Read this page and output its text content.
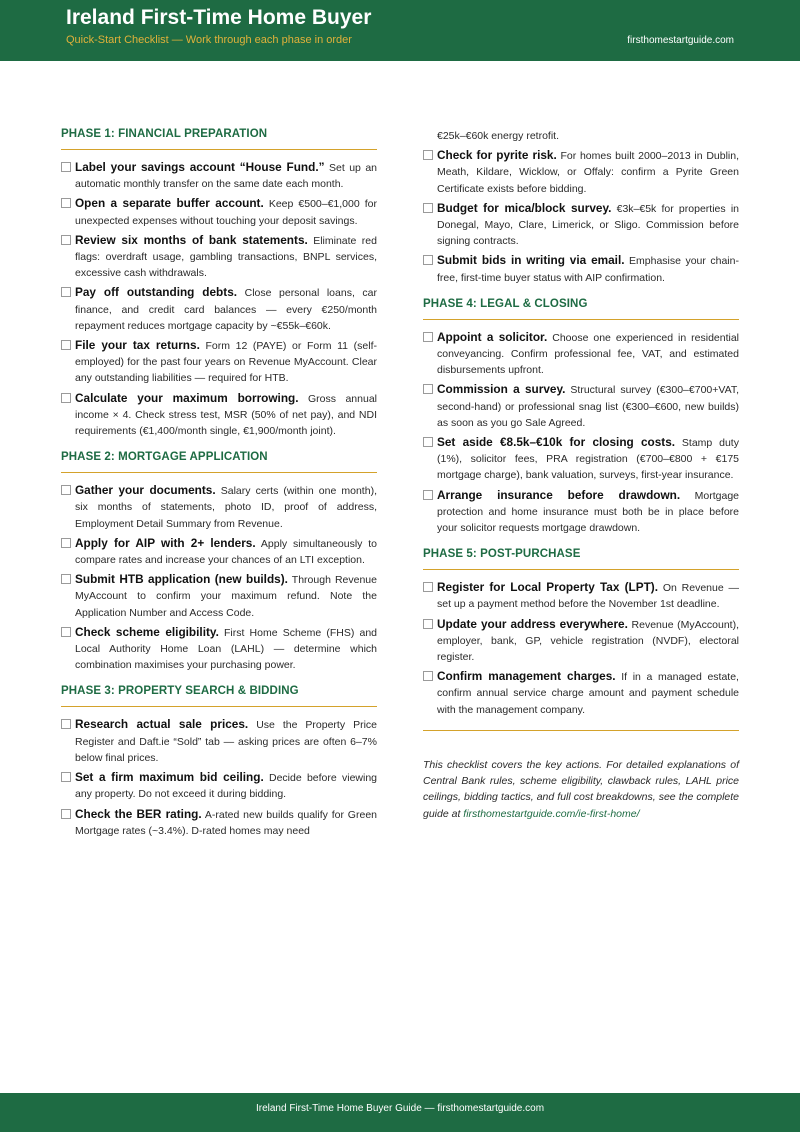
Ireland First-Time Home Buyer
Quick-Start Checklist — Work through each phase in order	firsthomestartguide.com
PHASE 1: FINANCIAL PREPARATION
Label your savings account “House Fund.” Set up an automatic monthly transfer on the same date each month.
Open a separate buffer account. Keep €500–€1,000 for unexpected expenses without touching your deposit savings.
Review six months of bank statements. Eliminate red flags: overdraft usage, gambling transactions, BNPL services, excessive cash withdrawals.
Pay off outstanding debts. Close personal loans, car finance, and credit card balances — every €250/month repayment reduces mortgage capacity by ~€55k–€60k.
File your tax returns. Form 12 (PAYE) or Form 11 (self-employed) for the past four years on Revenue MyAccount. Clear any outstanding liabilities — required for HTB.
Calculate your maximum borrowing. Gross annual income × 4. Check stress test, MSR (50% of net pay), and NDI requirements (€1,400/month single, €1,900/month joint).
PHASE 2: MORTGAGE APPLICATION
Gather your documents. Salary certs (within one month), six months of statements, photo ID, proof of address, Employment Detail Summary from Revenue.
Apply for AIP with 2+ lenders. Apply simultaneously to compare rates and increase your chances of an LTI exception.
Submit HTB application (new builds). Through Revenue MyAccount to confirm your maximum refund. Note the Application Number and Access Code.
Check scheme eligibility. First Home Scheme (FHS) and Local Authority Home Loan (LAHL) — determine which combination maximises your purchasing power.
PHASE 3: PROPERTY SEARCH & BIDDING
Research actual sale prices. Use the Property Price Register and Daft.ie “Sold” tab — asking prices are often 6–7% below final prices.
Set a firm maximum bid ceiling. Decide before viewing any property. Do not exceed it during bidding.
Check the BER rating. A-rated new builds qualify for Green Mortgage rates (~3.4%). D-rated homes may need
€25k–€60k energy retrofit.
Check for pyrite risk. For homes built 2000–2013 in Dublin, Meath, Kildare, Wicklow, or Offaly: confirm a Pyrite Green Certificate exists before bidding.
Budget for mica/block survey. €3k–€5k for properties in Donegal, Mayo, Clare, Limerick, or Sligo. Commission before signing contracts.
Submit bids in writing via email. Emphasise your chain-free, first-time buyer status with AIP confirmation.
PHASE 4: LEGAL & CLOSING
Appoint a solicitor. Choose one experienced in residential conveyancing. Confirm professional fee, VAT, and estimated disbursements upfront.
Commission a survey. Structural survey (€300–€700+VAT, second-hand) or professional snag list (€300–€600, new builds) as soon as you go Sale Agreed.
Set aside €8.5k–€10k for closing costs. Stamp duty (1%), solicitor fees, PRA registration (€700–€800 + €175 mortgage charge), bank valuation, surveys, first-year insurance.
Arrange insurance before drawdown. Mortgage protection and home insurance must both be in place before your solicitor requests mortgage drawdown.
PHASE 5: POST-PURCHASE
Register for Local Property Tax (LPT). On Revenue — set up a payment method before the November 1st deadline.
Update your address everywhere. Revenue (MyAccount), employer, bank, GP, vehicle registration (NVDF), electoral register.
Confirm management charges. If in a managed estate, confirm annual service charge amount and payment schedule with the management company.
This checklist covers the key actions. For detailed explanations of Central Bank rules, scheme eligibility, clawback rules, LAHL price ceilings, bidding tactics, and full cost breakdowns, see the complete guide at firsthomestartguide.com/ie-first-home/
Ireland First-Time Home Buyer Guide — firsthomestartguide.com
